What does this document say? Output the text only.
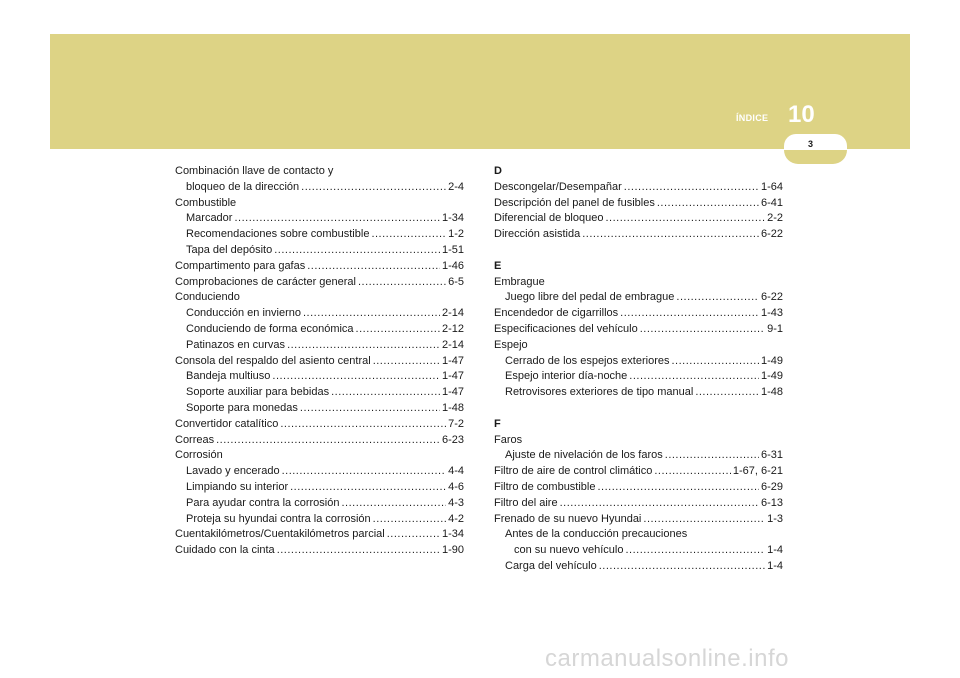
ÍNDICE 10
3
Combinación llave de contacto y
bloqueo de la dirección .....	2-4
Combustible
Marcador .....	1-34
Recomendaciones sobre combustible .....	1-2
Tapa del depósito .....	1-51
Compartimento para gafas .....	1-46
Comprobaciones de carácter general .....	6-5
Conduciendo
Conducción en invierno .....	2-14
Conduciendo de forma económica .....	2-12
Patinazos en curvas .....	2-14
Consola del respaldo del asiento central .....	1-47
Bandeja multiuso .....	1-47
Soporte auxiliar para bebidas .....	1-47
Soporte para monedas .....	1-48
Convertidor catalítico .....	7-2
Correas .....	6-23
Corrosión
Lavado y encerado .....	4-4
Limpiando su interior .....	4-6
Para ayudar contra la corrosión .....	4-3
Proteja su hyundai contra la corrosión .....	4-2
Cuentakilómetros/Cuentakilómetros parcial .....	1-34
Cuidado con la cinta .....	1-90
D
Descongelar/Desempañar .....	1-64
Descripción del panel de fusibles .....	6-41
Diferencial de bloqueo .....	2-2
Dirección asistida .....	6-22
E
Embrague
Juego libre del pedal de embrague .....	6-22
Encendedor de cigarrillos .....	1-43
Especificaciones del vehículo .....	9-1
Espejo
Cerrado de los espejos exteriores .....	1-49
Espejo interior día-noche .....	1-49
Retrovisores exteriores de tipo manual .....	1-48
F
Faros
Ajuste de nivelación de los faros .....	6-31
Filtro de aire de control climático .....	1-67, 6-21
Filtro de combustible .....	6-29
Filtro del aire .....	6-13
Frenado de su nuevo Hyundai .....	1-3
Antes de la conducción precauciones
con su nuevo vehículo .....	1-4
Carga del vehículo .....	1-4
carmanualsonline.info
